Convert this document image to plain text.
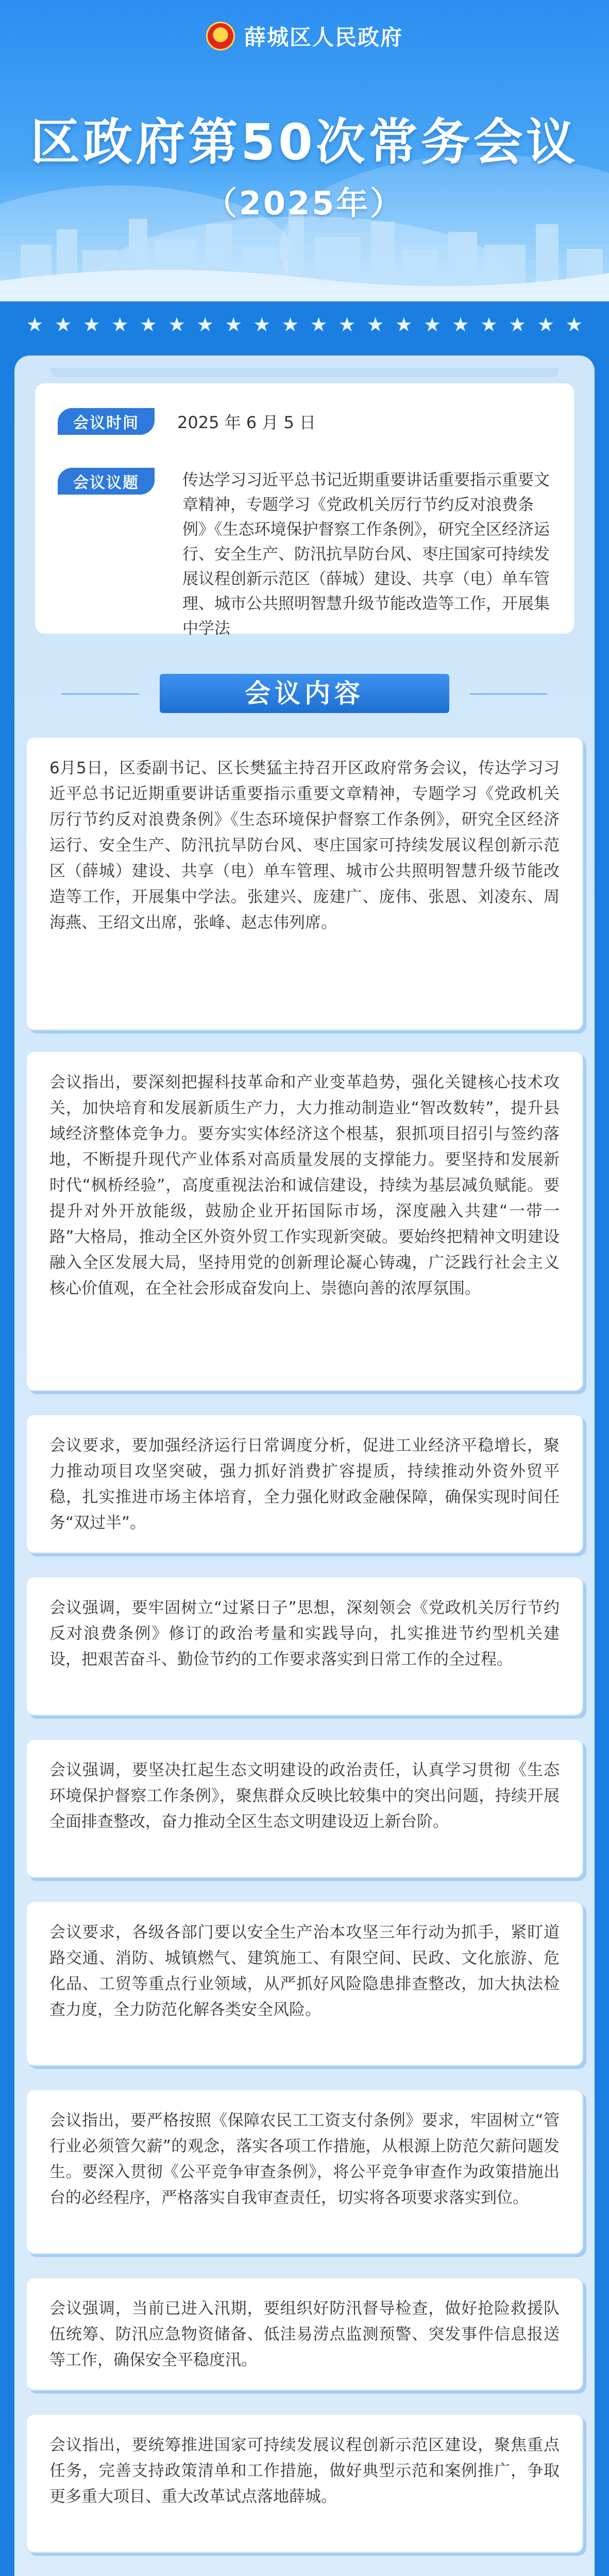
薛城区人民政府
区政府第50次常务会议
（2025年）
★ ★ ★ ★ ★ ★ ★ ★ ★ ★ ★ ★ ★ ★ ★ ★ ★ ★ ★ ★
会议时间	2025 年 6 月 5 日
会议议题	传达学习习近平总书记近期重要讲话重要指示重要文章精神，专题学习《党政机关厉行节约反对浪费条例》《生态环境保护督察工作条例》，研究全区经济运行、安全生产、防汛抗旱防台风、枣庄国家可持续发展议程创新示范区（薛城）建设、共享（电）单车管理、城市公共照明智慧升级节能改造等工作，开展集中学法
会议内容

6月5日，区委副书记、区长樊猛主持召开区政府常务会议，传达学习习近平总书记近期重要讲话重要指示重要文章精神，专题学习《党政机关厉行节约反对浪费条例》《生态环境保护督察工作条例》，研究全区经济运行、安全生产、防汛抗旱防台风、枣庄国家可持续发展议程创新示范区（薛城）建设、共享（电）单车管理、城市公共照明智慧升级节能改造等工作，开展集中学法。张建兴、庞建广、庞伟、张恩、刘凌东、周海燕、王绍文出席，张峰、赵志伟列席。

会议指出，要深刻把握科技革命和产业变革趋势，强化关键核心技术攻关，加快培育和发展新质生产力，大力推动制造业“智改数转”，提升县域经济整体竞争力。要夯实实体经济这个根基，狠抓项目招引与签约落地，不断提升现代产业体系对高质量发展的支撑能力。要坚持和发展新时代“枫桥经验”，高度重视法治和诚信建设，持续为基层减负赋能。要提升对外开放能级，鼓励企业开拓国际市场，深度融入共建“一带一路”大格局，推动全区外资外贸工作实现新突破。要始终把精神文明建设融入全区发展大局，坚持用党的创新理论凝心铸魂，广泛践行社会主义核心价值观，在全社会形成奋发向上、崇德向善的浓厚氛围。

会议要求，要加强经济运行日常调度分析，促进工业经济平稳增长，聚力推动项目攻坚突破，强力抓好消费扩容提质，持续推动外资外贸平稳，扎实推进市场主体培育，全力强化财政金融保障，确保实现时间任务“双过半”。

会议强调，要牢固树立“过紧日子”思想，深刻领会《党政机关厉行节约反对浪费条例》修订的政治考量和实践导向，扎实推进节约型机关建设，把艰苦奋斗、勤俭节约的工作要求落实到日常工作的全过程。

会议强调，要坚决扛起生态文明建设的政治责任，认真学习贯彻《生态环境保护督察工作条例》，聚焦群众反映比较集中的突出问题，持续开展全面排查整改，奋力推动全区生态文明建设迈上新台阶。

会议要求，各级各部门要以安全生产治本攻坚三年行动为抓手，紧盯道路交通、消防、城镇燃气、建筑施工、有限空间、民政、文化旅游、危化品、工贸等重点行业领域，从严抓好风险隐患排查整改，加大执法检查力度，全力防范化解各类安全风险。

会议指出，要严格按照《保障农民工工资支付条例》要求，牢固树立“管行业必须管欠薪”的观念，落实各项工作措施，从根源上防范欠薪问题发生。要深入贯彻《公平竞争审查条例》，将公平竞争审查作为政策措施出台的必经程序，严格落实自我审查责任，切实将各项要求落实到位。

会议强调，当前已进入汛期，要组织好防汛督导检查，做好抢险救援队伍统筹、防汛应急物资储备、低洼易涝点监测预警、突发事件信息报送等工作，确保安全平稳度汛。

会议指出，要统筹推进国家可持续发展议程创新示范区建设，聚焦重点任务，完善支持政策清单和工作措施，做好典型示范和案例推广，争取更多重大项目、重大改革试点落地薛城。
